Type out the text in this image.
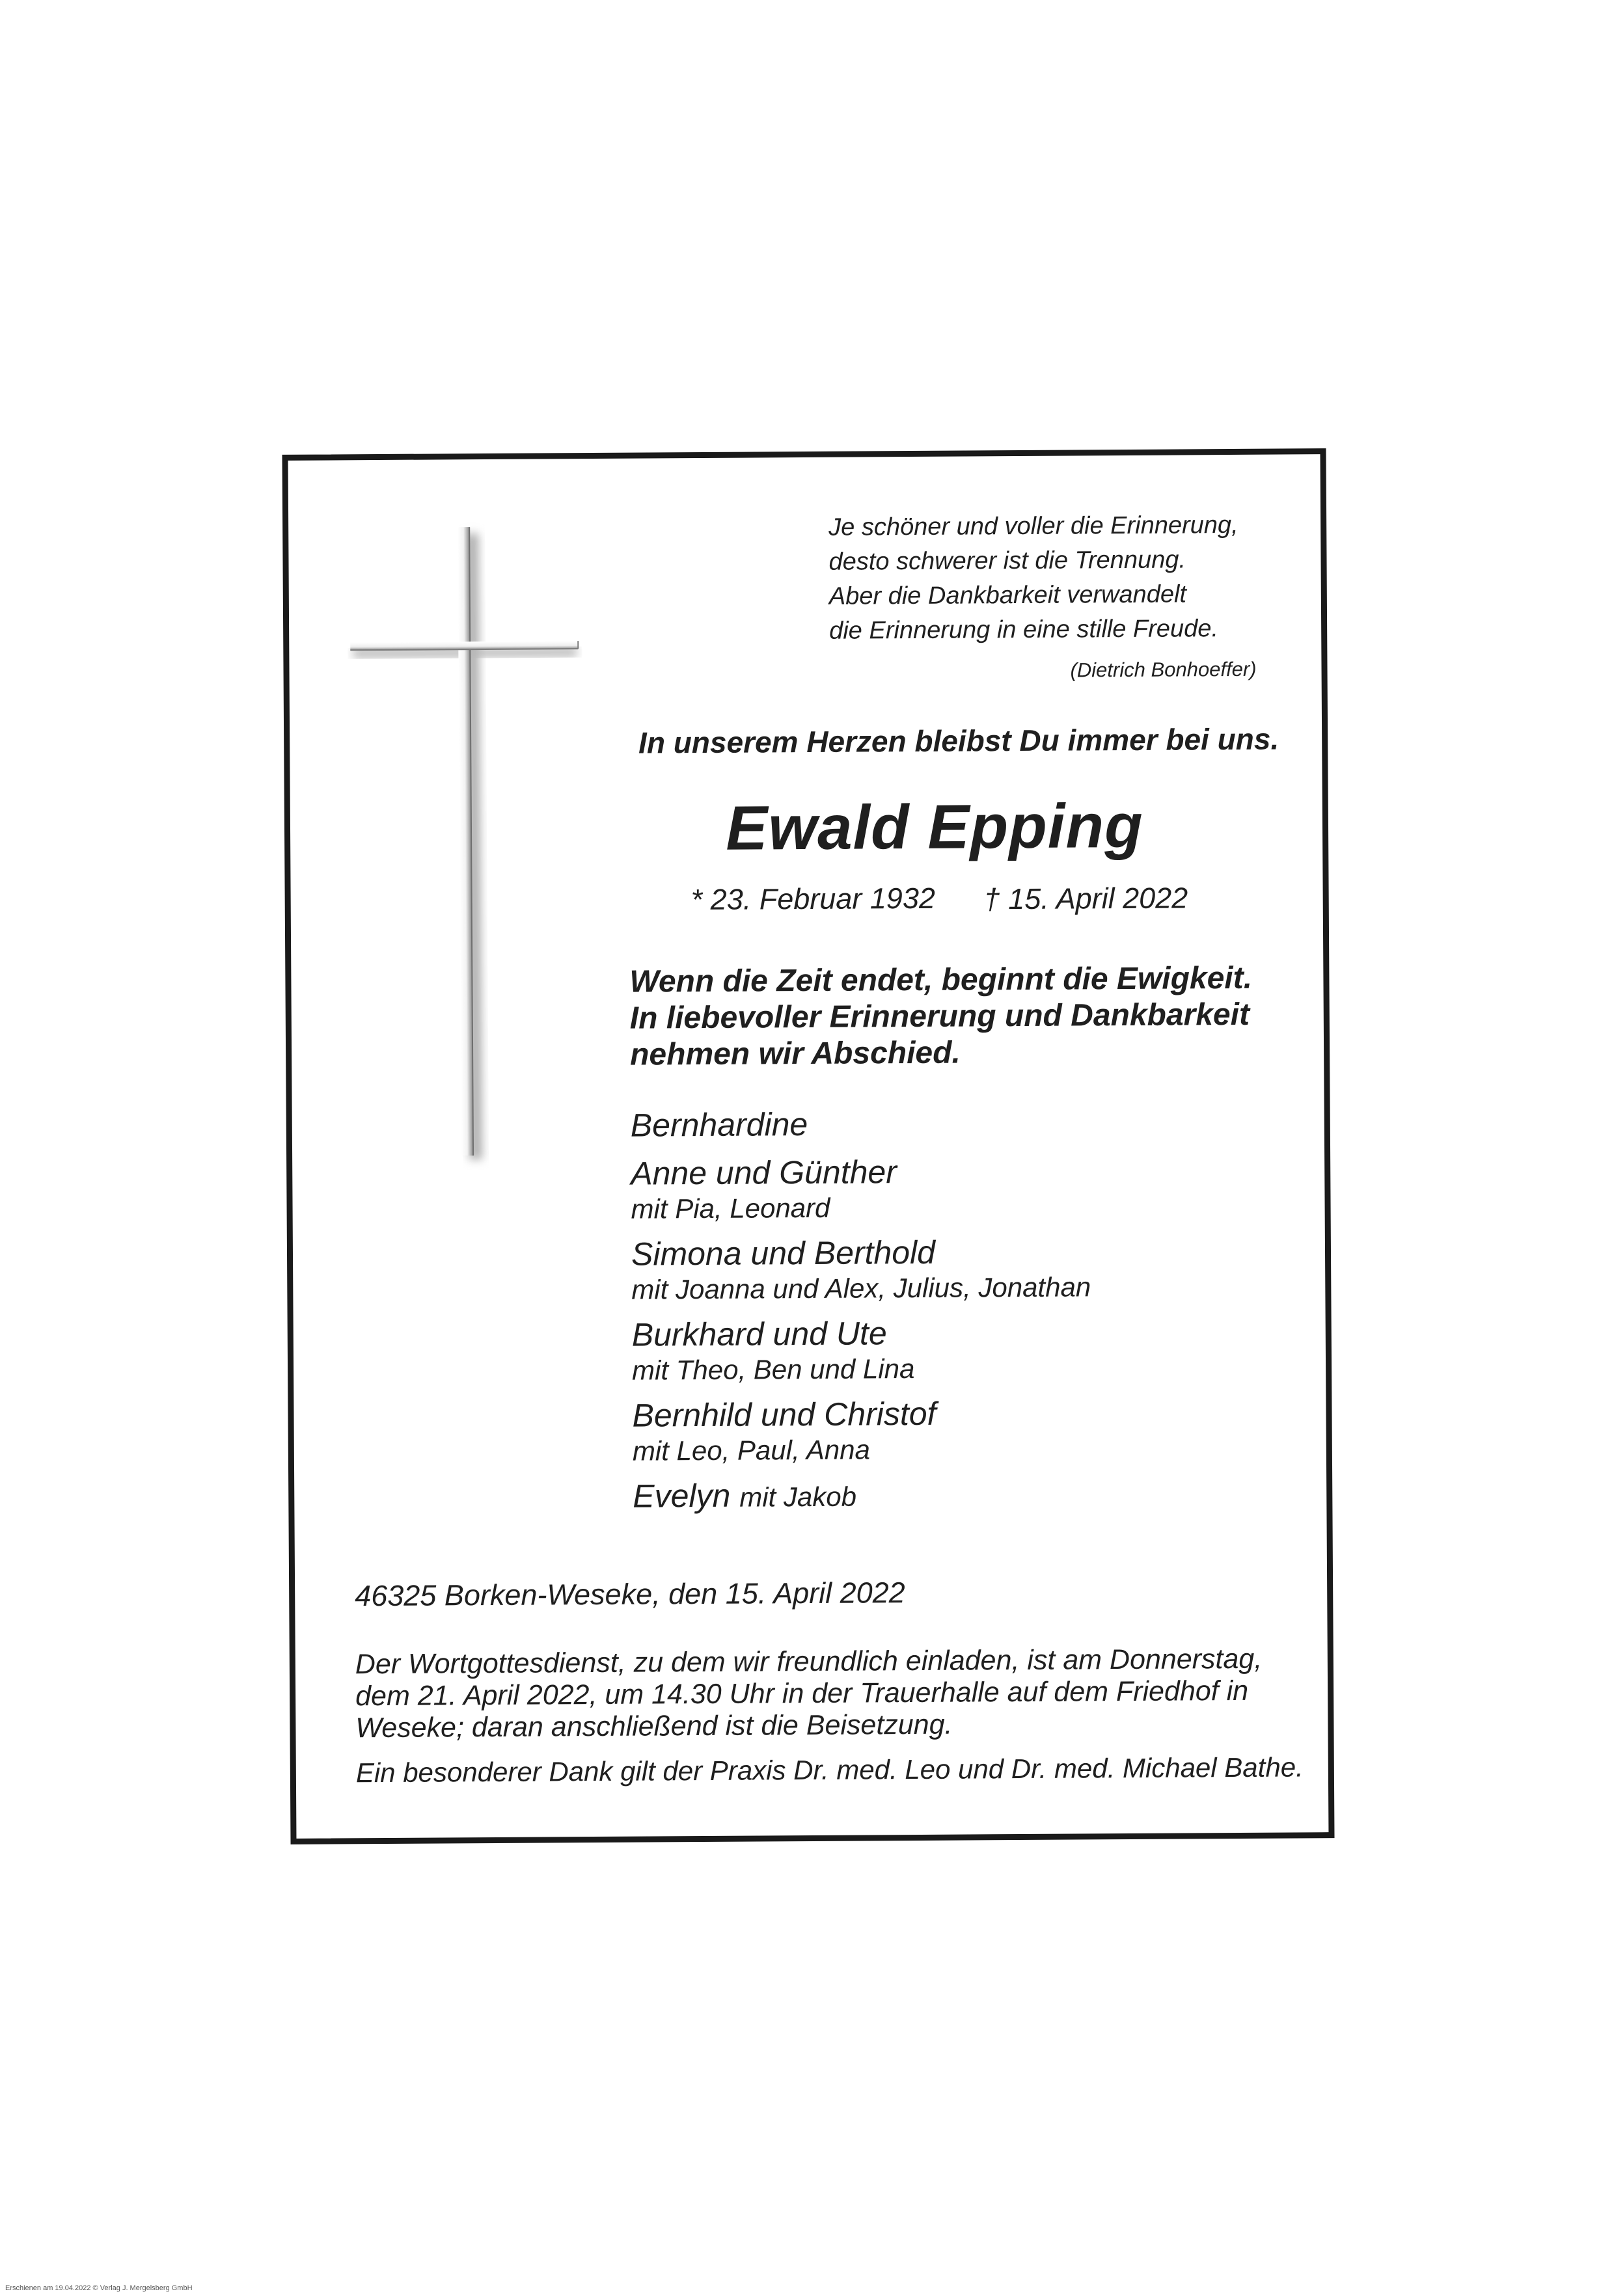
Je schöner und voller die Erinnerung,
desto schwerer ist die Trennung.
Aber die Dankbarkeit verwandelt
die Erinnerung in eine stille Freude.
(Dietrich Bonhoeffer)
In unserem Herzen bleibst Du immer bei uns.
Ewald Epping
* 23. Februar 1932 † 15. April 2022
Wenn die Zeit endet, beginnt die Ewigkeit.
In liebevoller Erinnerung und Dankbarkeit
nehmen wir Abschied.
Bernhardine
Anne und Günther
mit Pia, Leonard
Simona und Berthold
mit Joanna und Alex, Julius, Jonathan
Burkhard und Ute
mit Theo, Ben und Lina
Bernhild und Christof
mit Leo, Paul, Anna
Evelyn mit Jakob
46325 Borken-Weseke, den 15. April 2022
Der Wortgottesdienst, zu dem wir freundlich einladen, ist am Donnerstag,
dem 21. April 2022, um 14.30 Uhr in der Trauerhalle auf dem Friedhof in
Weseke; daran anschließend ist die Beisetzung.
Ein besonderer Dank gilt der Praxis Dr. med. Leo und Dr. med. Michael Bathe.
Erschienen am 19.04.2022 © Verlag J. Mergelsberg GmbH
